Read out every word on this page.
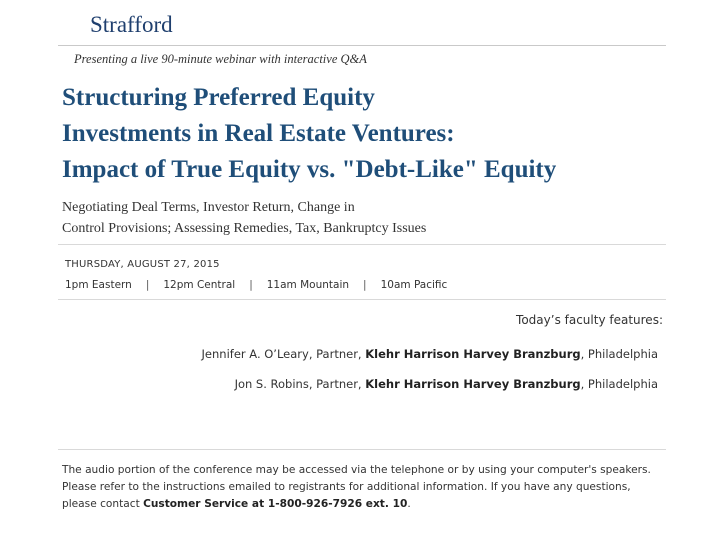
Strafford
Presenting a live 90-minute webinar with interactive Q&A
Structuring Preferred Equity
Investments in Real Estate Ventures:
Impact of True Equity vs. "Debt-Like" Equity
Negotiating Deal Terms, Investor Return, Change in
Control Provisions; Assessing Remedies, Tax, Bankruptcy Issues
THURSDAY, AUGUST 27, 2015
1pm Eastern | 12pm Central | 11am Mountain | 10am Pacific
Today’s faculty features:
Jennifer A. O’Leary, Partner, Klehr Harrison Harvey Branzburg, Philadelphia
Jon S. Robins, Partner, Klehr Harrison Harvey Branzburg, Philadelphia
The audio portion of the conference may be accessed via the telephone or by using your computer's speakers. Please refer to the instructions emailed to registrants for additional information. If you have any questions, please contact Customer Service at 1-800-926-7926 ext. 10.
